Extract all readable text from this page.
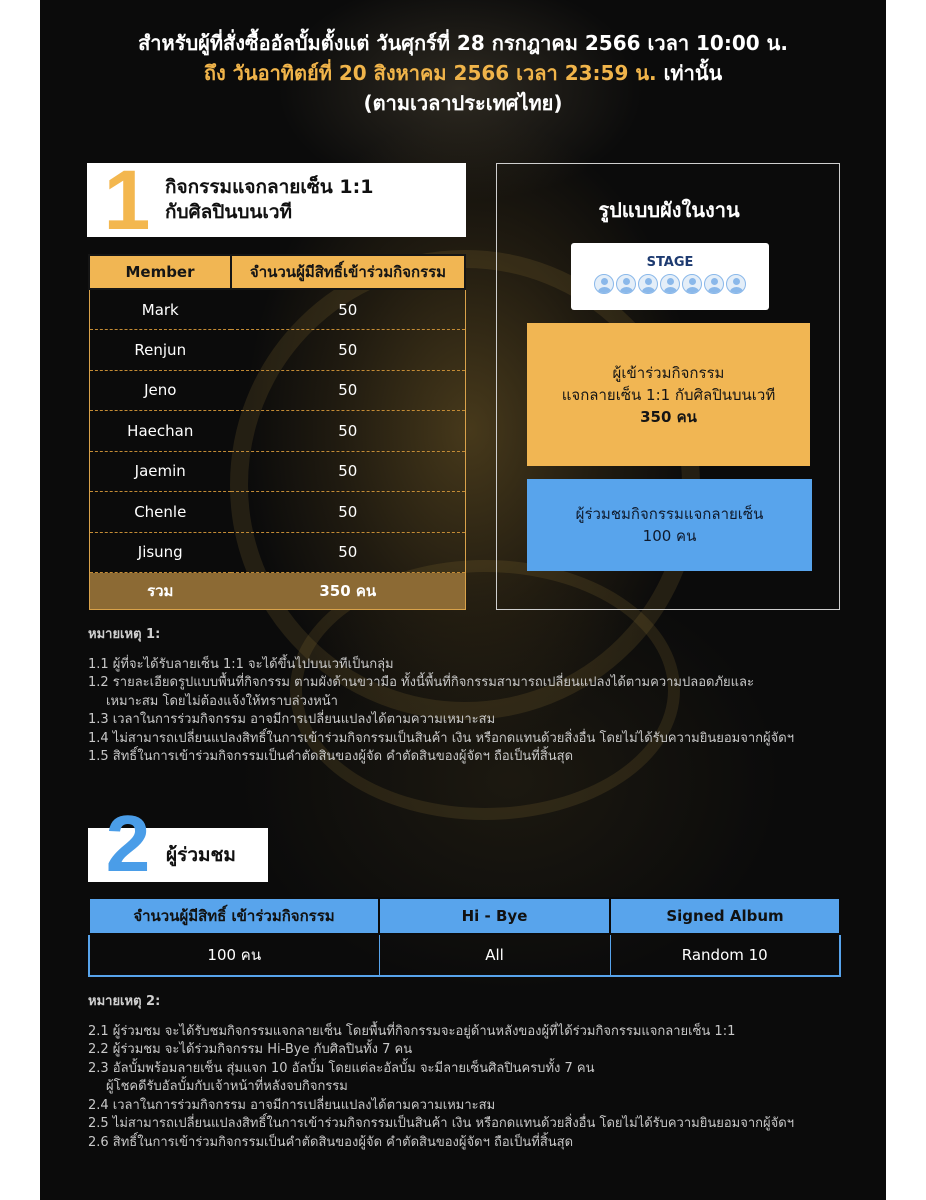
สำหรับผู้ที่สั่งซื้ออัลบั้มตั้งแต่ วันศุกร์ที่ 28 กรกฎาคม 2566 เวลา 10:00 น.
ถึง วันอาทิตย์ที่ 20 สิงหาคม 2566 เวลา 23:59 น. เท่านั้น
(ตามเวลาประเทศไทย)
1 กิจกรรมแจกลายเซ็น 1:1
กับศิลปินบนเวที
Member	จำนวนผู้มีสิทธิ์เข้าร่วมกิจกรรม
Mark	50
Renjun	50
Jeno	50
Haechan	50
Jaemin	50
Chenle	50
Jisung	50
รวม	350 คน
รูปแบบผังในงาน
STAGE
ผู้เข้าร่วมกิจกรรม
แจกลายเซ็น 1:1 กับศิลปินบนเวที
350 คน
ผู้ร่วมชมกิจกรรมแจกลายเซ็น
100 คน
หมายเหตุ 1:
1.1 ผู้ที่จะได้รับลายเซ็น 1:1 จะได้ขึ้นไปบนเวทีเป็นกลุ่ม
1.2 รายละเอียดรูปแบบพื้นที่กิจกรรม ตามผังด้านขวามือ ทั้งนี้พื้นที่กิจกรรมสามารถเปลี่ยนแปลงได้ตามความปลอดภัยและ
เหมาะสม โดยไม่ต้องแจ้งให้ทราบล่วงหน้า
1.3 เวลาในการร่วมกิจกรรม อาจมีการเปลี่ยนแปลงได้ตามความเหมาะสม
1.4 ไม่สามารถเปลี่ยนแปลงสิทธิ์ในการเข้าร่วมกิจกรรมเป็นสินค้า เงิน หรือกดแทนด้วยสิ่งอื่น โดยไม่ได้รับความยินยอมจากผู้จัดฯ
1.5 สิทธิ์ในการเข้าร่วมกิจกรรมเป็นคำตัดสินของผู้จัด คำตัดสินของผู้จัดฯ ถือเป็นที่สิ้นสุด
2 ผู้ร่วมชม
จำนวนผู้มีสิทธิ์ เข้าร่วมกิจกรรม	Hi - Bye	Signed Album
100 คน	All	Random 10
หมายเหตุ 2:
2.1 ผู้ร่วมชม จะได้รับชมกิจกรรมแจกลายเซ็น โดยพื้นที่กิจกรรมจะอยู่ด้านหลังของผู้ที่ได้ร่วมกิจกรรมแจกลายเซ็น 1:1
2.2 ผู้ร่วมชม จะได้ร่วมกิจกรรม Hi-Bye กับศิลปินทั้ง 7 คน
2.3 อัลบั้มพร้อมลายเซ็น สุ่มแจก 10 อัลบั้ม โดยแต่ละอัลบั้ม จะมีลายเซ็นศิลปินครบทั้ง 7 คน
ผู้โชคดีรับอัลบั้มกับเจ้าหน้าที่หลังจบกิจกรรม
2.4 เวลาในการร่วมกิจกรรม อาจมีการเปลี่ยนแปลงได้ตามความเหมาะสม
2.5 ไม่สามารถเปลี่ยนแปลงสิทธิ์ในการเข้าร่วมกิจกรรมเป็นสินค้า เงิน หรือกดแทนด้วยสิ่งอื่น โดยไม่ได้รับความยินยอมจากผู้จัดฯ
2.6 สิทธิ์ในการเข้าร่วมกิจกรรมเป็นคำตัดสินของผู้จัด คำตัดสินของผู้จัดฯ ถือเป็นที่สิ้นสุด
